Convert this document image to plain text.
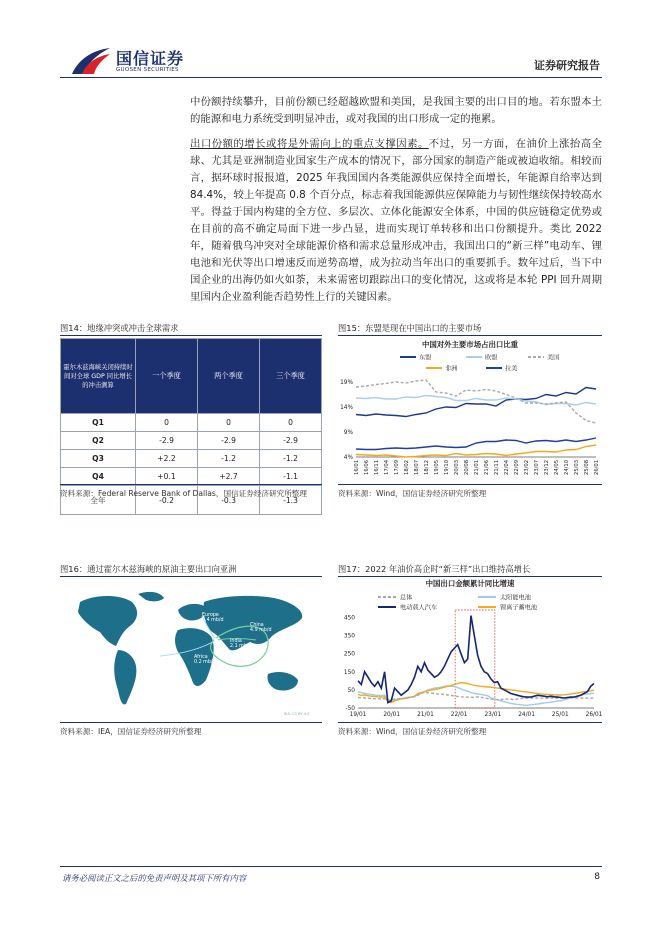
国信证券
GUOSEN SECURITIES	证券研究报告

中份额持续攀升，目前份额已经超越欧盟和美国，是我国主要的出口目的地。若东盟本土的能源和电力系统受到明显冲击，或对我国的出口形成一定的拖累。

出口份额的增长或将是外需向上的重点支撑因素。不过，另一方面，在油价上涨抬高全球、尤其是亚洲制造业国家生产成本的情况下，部分国家的制造产能或被迫收缩。相较而言，据环球时报报道，2025 年我国国内各类能源供应保持全面增长，年能源自给率达到 84.4%，较上年提高 0.8 个百分点，标志着我国能源供应保障能力与韧性继续保持较高水平。得益于国内构建的全方位、多层次、立体化能源安全体系，中国的供应链稳定优势或在目前的高不确定局面下进一步凸显，进而实现订单转移和出口份额提升。类比 2022 年，随着俄乌冲突对全球能源价格和需求总量形成冲击，我国出口的“新三样”电动车、锂电池和光伏等出口增速反而逆势高增，成为拉动当年出口的重要抓手。数年过后，当下中国企业的出海仍如火如荼，未来需密切跟踪出口的变化情况，这或将是本轮 PPI 回升周期里国内企业盈利能否趋势性上行的关键因素。

图14：地缘冲突或冲击全球需求
霍尔木兹海峡关闭持续时间对全球 GDP 同比增长的冲击测算	一个季度	两个季度	三个季度
Q1	0	0	0
Q2	-2.9	-2.9	-2.9
Q3	+2.2	-1.2	-1.2
Q4	+0.1	+2.7	-1.1
全年	-0.2	-0.3	-1.3
资料来源：Federal Reserve Bank of Dallas，国信证券经济研究所整理
图15：东盟是现在中国出口的主要市场
中国对外主要市场占出口比重
东盟	欧盟	美国
非洲	拉美
4%
9%
14%
19%
16/01 16/06 16/11 17/04 17/09 18/02 18/07 18/12 19/05 19/10 20/03 20/08 21/01 21/06 21/11 22/04 22/09 23/02 23/07 23/12 24/05 24/10 25/03 25/08 26/01
资料来源：Wind，国信证券经济研究所整理
图16：通过霍尔木兹海峡的原油主要出口向亚洲
Europe
0.4 mb/d
China
4.9 mb/d
India
2.1 mb/d
Americas
0.5 mb/d
Africa
0.2 mb/d
Other Asia
6.2 mb/d
IEA. CC BY 4.0
资料来源：IEA，国信证券经济研究所整理
图17：2022 年油价高企时“新三样”出口维持高增长
中国出口金额累计同比增速
总体	太阳能电池
电动载人汽车	锂离子蓄电池
-50
50
150
250
350
450
19/01	20/01	21/01	22/01	23/01	24/01	25/01	26/01
资料来源：Wind，国信证券经济研究所整理
请务必阅读正文之后的免责声明及其项下所有内容	8
